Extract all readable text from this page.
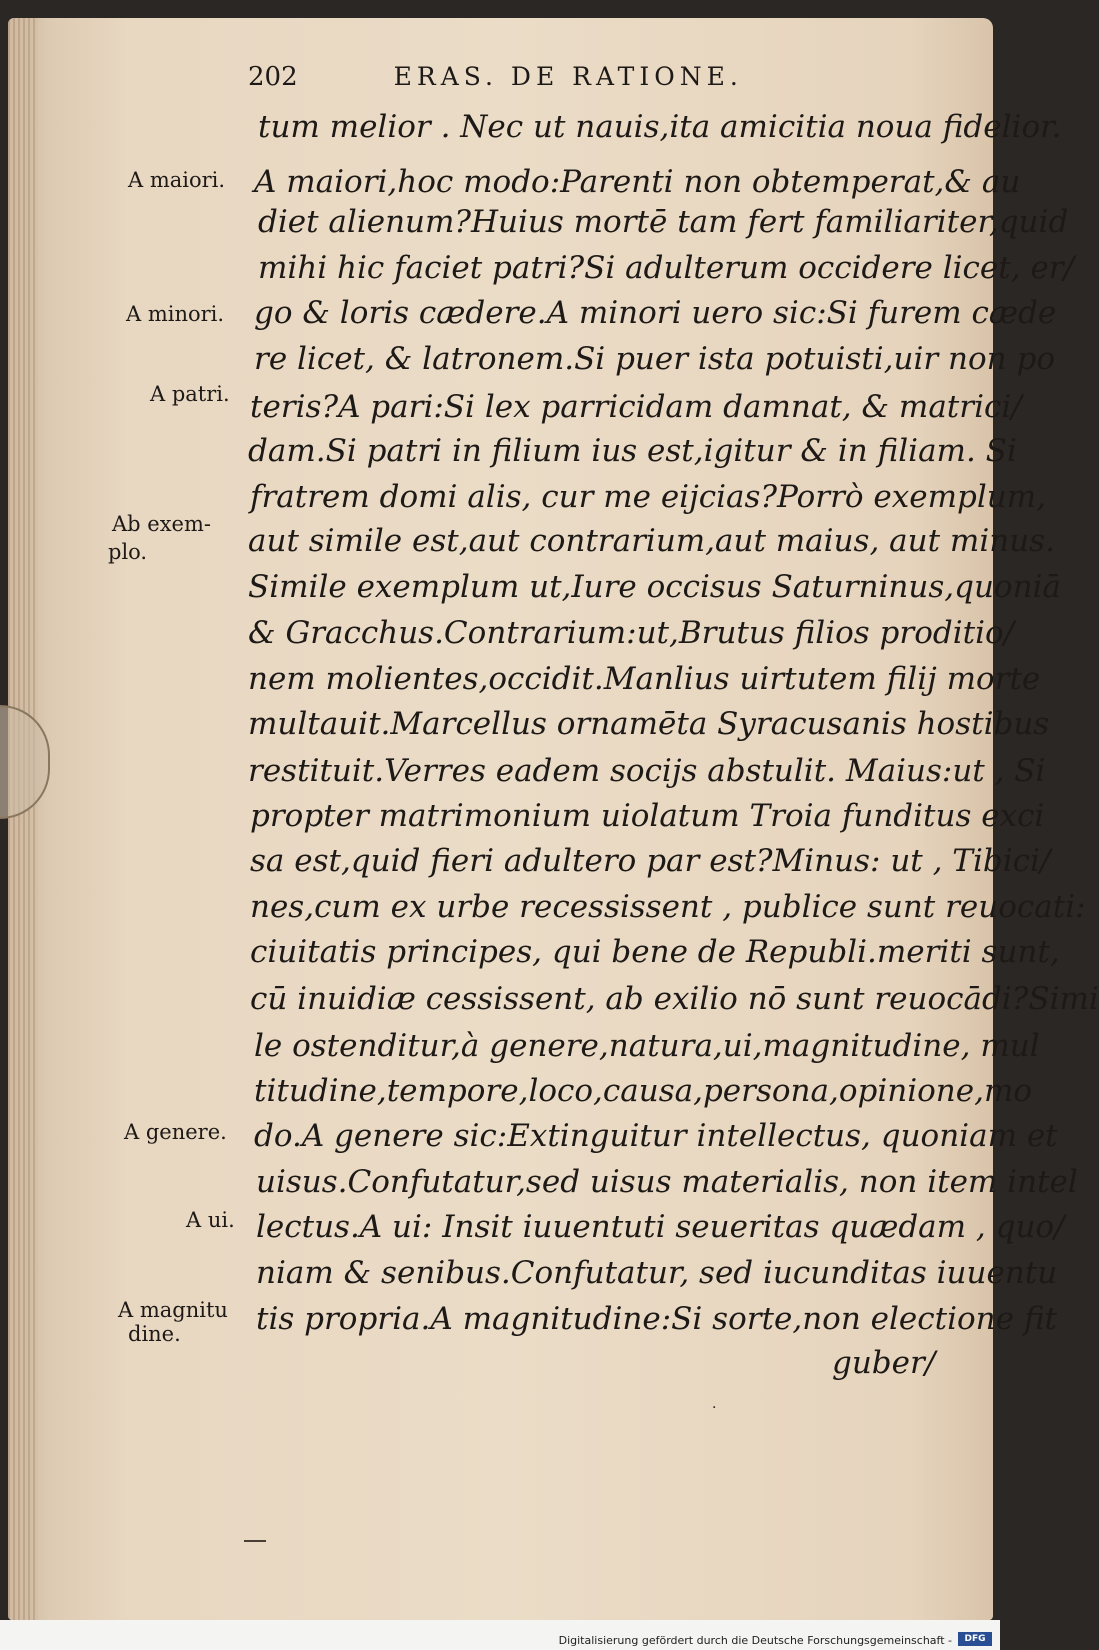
202	ERAS. DE RATIONE.
A maiori.
A minori.
A patri.
Ab exem-
plo.
A genere.
A ui.
A magnitu
dine.
tum melior . Nec ut nauis,ita amicitia noua fidelior.
A maiori,hoc modo:Parenti non obtemperat,& au
diet alienum?Huius mortē tam fert familiariter,quid
mihi hic faciet patri?Si adulterum occidere licet, er/
go & loris cædere.A minori uero sic:Si furem cæde
re licet, & latronem.Si puer ista potuisti,uir non po
teris?A pari:Si lex parricidam damnat, & matrici/
dam.Si patri in filium ius est,igitur & in filiam. Si
fratrem domi alis, cur me eijcias?Porrò exemplum,
aut simile est,aut contrarium,aut maius, aut minus.
Simile exemplum ut,Iure occisus Saturninus,quoniā
& Gracchus.Contrarium:ut,Brutus filios proditio/
nem molientes,occidit.Manlius uirtutem filij morte
multauit.Marcellus ornamēta Syracusanis hostibus
restituit.Verres eadem socijs abstulit. Maius:ut , Si
propter matrimonium uiolatum Troia funditus exci
sa est,quid fieri adultero par est?Minus: ut , Tibici/
nes,cum ex urbe recessissent , publice sunt reuocati:
ciuitatis principes, qui bene de Republi.meriti sunt,
cū inuidiæ cessissent, ab exilio nō sunt reuocādi?Simi
le ostenditur,à genere,natura,ui,magnitudine, mul
titudine,tempore,loco,causa,persona,opinione,mo
do.A genere sic:Extinguitur intellectus, quoniam et
uisus.Confutatur,sed uisus materialis, non item intel
lectus.A ui: Insit iuuentuti seueritas quædam , quo/
niam & senibus.Confutatur, sed iucunditas iuuentu
tis propria.A magnitudine:Si sorte,non electione fit
guber/
·
Digitalisierung gefördert durch die Deutsche Forschungsgemeinschaft -	DFG
